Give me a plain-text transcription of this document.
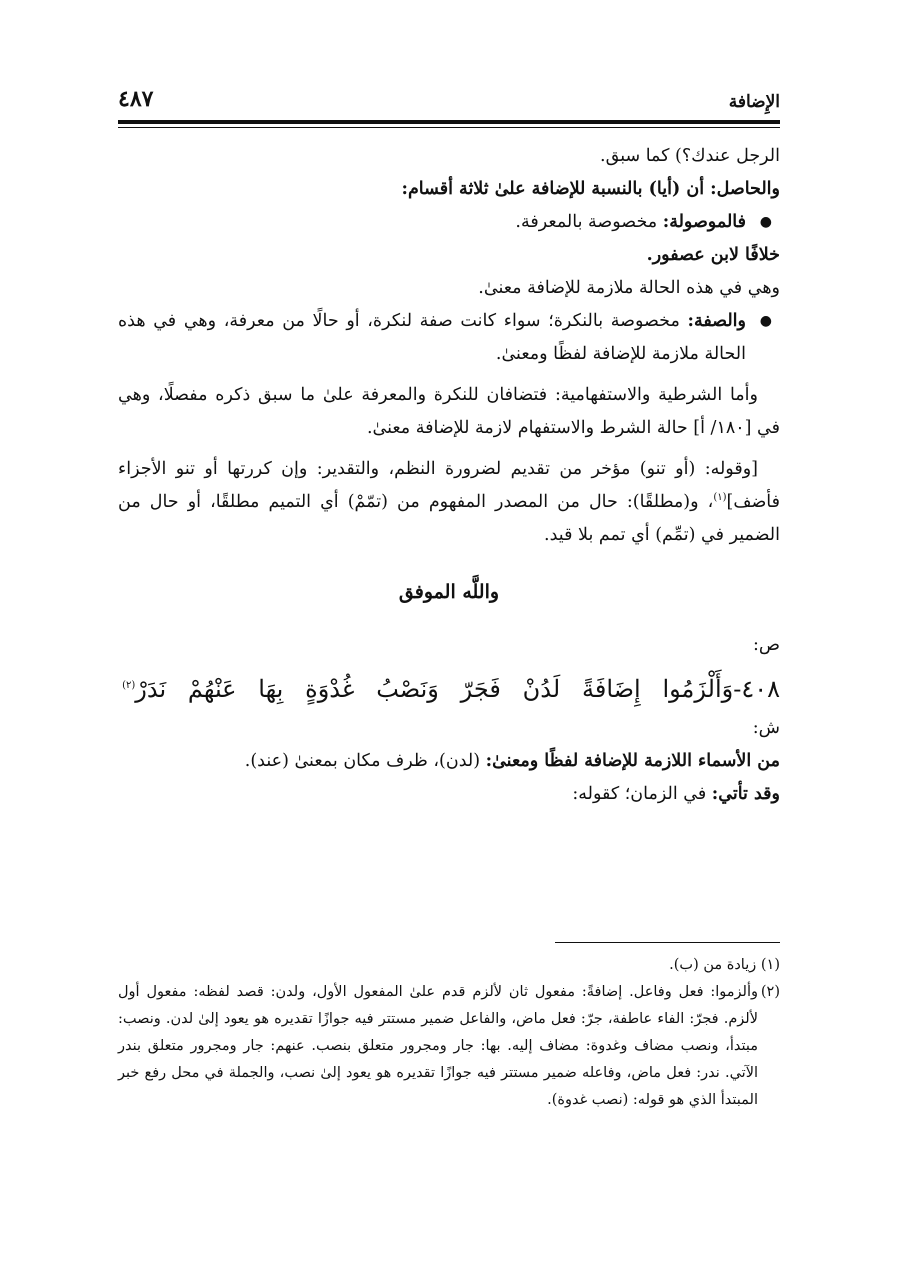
الإِضافة
٤٨٧

الرجل عندك؟) كما سبق.

والحاصل: أن (أيا) بالنسبة للإضافة علىٰ ثلاثة أقسام:

●
فالموصولة: مخصوصة بالمعرفة.

خلافًا لابن عصفور.

وهي في هذه الحالة ملازمة للإضافة معنىٰ.

●
والصفة: مخصوصة بالنكرة؛ سواء كانت صفة لنكرة، أو حالًا من معرفة، وهي في هذه الحالة ملازمة للإضافة لفظًا ومعنىٰ.

وأما الشرطية والاستفهامية: فتضافان للنكرة والمعرفة علىٰ ما سبق ذكره مفصلًا، وهي في [١٨٠/ أ] حالة الشرط والاستفهام لازمة للإضافة معنىٰ.

[وقوله: (أو تنو) مؤخر من تقديم لضرورة النظم، والتقدير: وإن كررتها أو تنو الأجزاء فأضف]$^{(١)}$، و(مطلقًا): حال من المصدر المفهوم من (تمّمْ) أي التميم مطلقًا، أو حال من الضمير في (تمِّم) أي تمم بلا قيد.

واللَّه الموفق

ص:

٤٠٨-وَأَلْزَمُوا
إِضَافَةً
لَدُنْ
فَجَرّ
وَنَصْبُ
غُدْوَةٍ
بِهَا
عَنْهُمْ
نَدَرْ$^{(٢)}$

ش:

من الأسماء اللازمة للإضافة لفظًا ومعنىٰ: (لدن)، ظرف مكان بمعنىٰ (عند).

وقد تأتي: في الزمان؛ كقوله:

(١) زيادة من (ب).

(٢)
وألزموا: فعل وفاعل. إضافةً: مفعول ثان لألزم قدم علىٰ المفعول الأول، ولدن: قصد لفظه: مفعول أول لألزم. فجرّ: الفاء عاطفة، جرّ: فعل ماض، والفاعل ضمير مستتر فيه جوازًا تقديره هو يعود إلىٰ لدن. ونصب: مبتدأ، ونصب مضاف وغدوة: مضاف إليه. بها: جار ومجرور متعلق بنصب. عنهم: جار ومجرور متعلق بندر الآتي. ندر: فعل ماض، وفاعله ضمير مستتر فيه جوازًا تقديره هو يعود إلىٰ نصب، والجملة في محل رفع خبر المبتدأ الذي هو قوله: (نصب غدوة).
